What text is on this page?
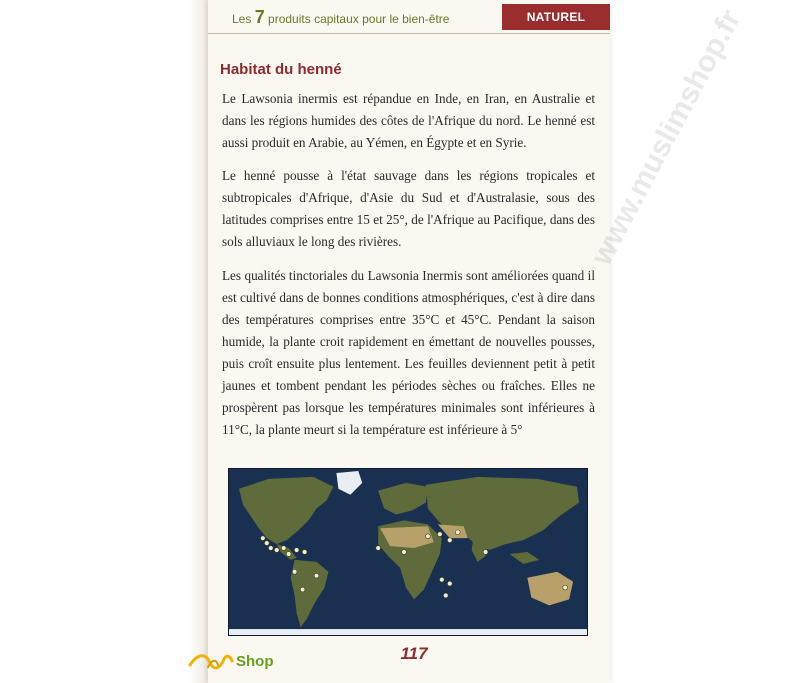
Les 7 produits capitaux pour le bien-être	NATUREL
Habitat du henné

Le Lawsonia inermis est répandue en Inde, en Iran, en Australie et dans les régions humides des côtes de l'Afrique du nord. Le henné est aussi produit en Arabie, au Yémen, en Égypte et en Syrie.

Le henné pousse à l'état sauvage dans les régions tropicales et subtropicales d'Afrique, d'Asie du Sud et d'Australasie, sous des latitudes comprises entre 15 et 25°, de l'Afrique au Pacifique, dans des sols alluviaux le long des rivières.

Les qualités tinctoriales du Lawsonia Inermis sont améliorées quand il est cultivé dans de bonnes conditions atmosphériques, c'est à dire dans des températures comprises entre 35°C et 45°C. Pendant la saison humide, la plante croit rapidement en émettant de nouvelles pousses, puis croît ensuite plus lentement. Les feuilles deviennent petit à petit jaunes et tombent pendant les périodes sèches ou fraîches. Elles ne prospèrent pas lorsque les températures minimales sont inférieures à 11°C, la plante meurt si la température est inférieure à 5°

117
www.muslimshop.fr
Shop
